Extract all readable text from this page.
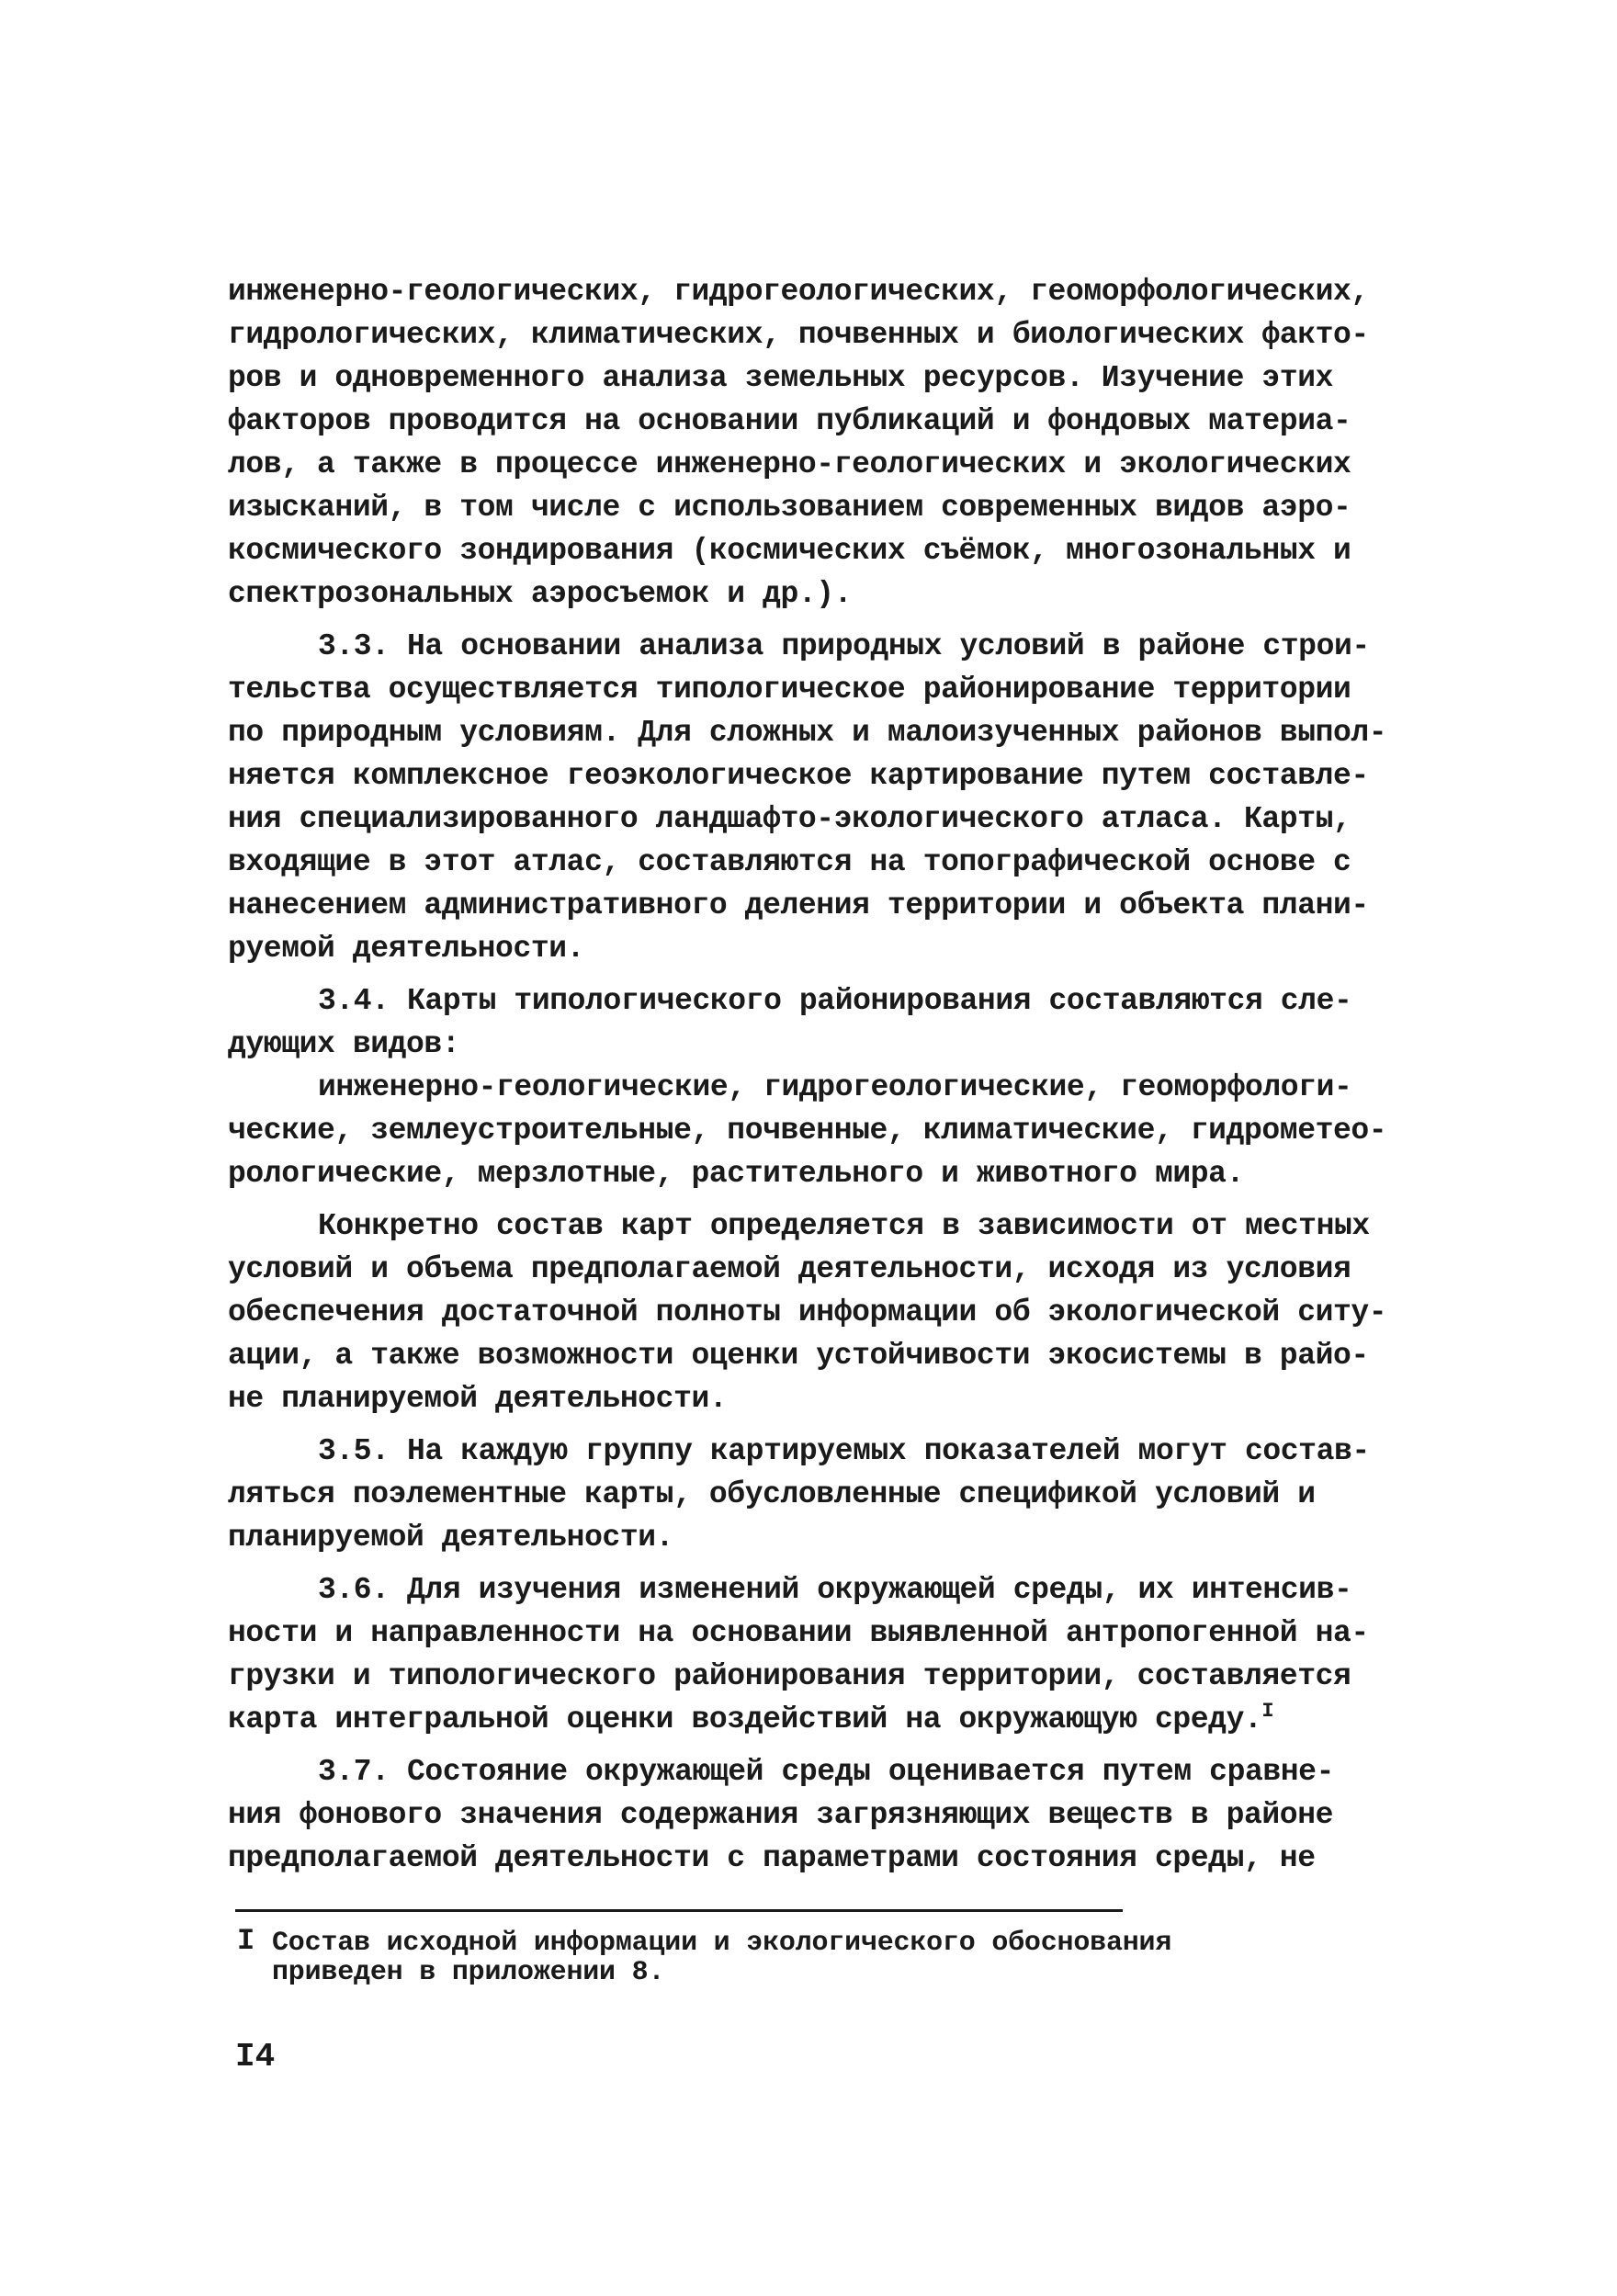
инженерно-геологических, гидрогеологических, геоморфологических,
гидрологических, климатических, почвенных и биологических факто-
ров и одновременного анализа земельных ресурсов. Изучение этих
факторов проводится на основании публикаций и фондовых материа-
лов, а также в процессе инженерно-геологических и экологических
изысканий, в том числе с использованием современных видов аэро-
космического зондирования (космических съёмок, многозональных и
спектрозональных аэросъемок и др.).
3.3. На основании анализа природных условий в районе строи-
тельства осуществляется типологическое районирование территории
по природным условиям. Для сложных и малоизученных районов выпол-
няется комплексное геоэкологическое картирование путем составле-
ния специализированного ландшафто-экологического атласа. Карты,
входящие в этот атлас, составляются на топографической основе с
нанесением административного деления территории и объекта плани-
руемой деятельности.
3.4. Карты типологического районирования составляются сле-
дующих видов:
инженерно-геологические, гидрогеологические, геоморфологи-
ческие, землеустроительные, почвенные, климатические, гидрометео-
рологические, мерзлотные, растительного и животного мира.
Конкретно состав карт определяется в зависимости от местных
условий и объема предполагаемой деятельности, исходя из условия
обеспечения достаточной полноты информации об экологической ситу-
ации, а также возможности оценки устойчивости экосистемы в райо-
не планируемой деятельности.
3.5. На каждую группу картируемых показателей могут состав-
ляться поэлементные карты, обусловленные спецификой условий и
планируемой деятельности.
3.6. Для изучения изменений окружающей среды, их интенсив-
ности и направленности на основании выявленной антропогенной на-
грузки и типологического районирования территории, составляется
карта интегральной оценки воздействий на окружающую среду.$^I$
3.7. Состояние окружающей среды оценивается путем сравне-
ния фонового значения содержания загрязняющих веществ в районе
предполагаемой деятельности с параметрами состояния среды, не
I Состав исходной информации и экологического обоснования
приведен в приложении 8.
I4
